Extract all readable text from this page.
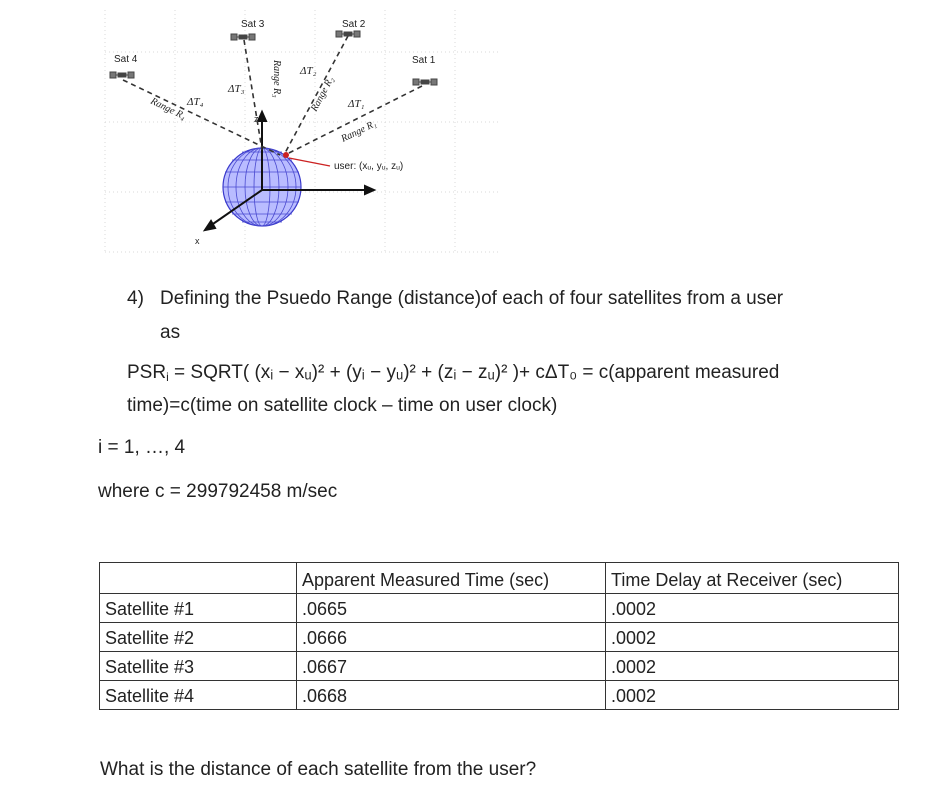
z
x
user: (xᵤ, yᵤ, zᵤ)
Sat 4
Sat 3	Sat 2
Sat 1
ΔT₄
ΔT₃
ΔT₂
ΔT₁
Range R₄
Range R₃	Range R₂
Range R₁
4) Defining the Psuedo Range (distance)of each of four satellites from a user
as
$PSR_i$ = SQRT( (xᵢ − xᵤ)² + (yᵢ − yᵤ)² + (zᵢ − zᵤ)² )+ cΔT₀ = c(apparent measured
time)=c(time on satellite clock – time on user clock)
i = 1, …, 4
where c = 299792458 m/sec
	Apparent Measured Time (sec)	Time Delay at Receiver (sec)
Satellite #1	.0665	.0002
Satellite #2	.0666	.0002
Satellite #3	.0667	.0002
Satellite #4	.0668	.0002
What is the distance of each satellite from the user?
